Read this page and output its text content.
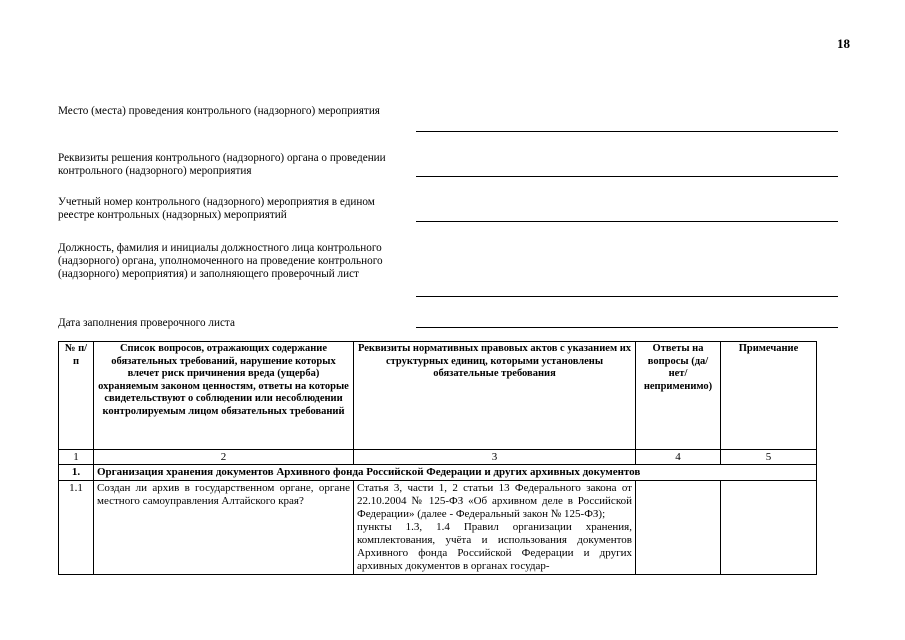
18
Место (места) проведения контрольного (надзорного) мероприятия
Реквизиты решения контрольного (надзорного) органа о проведении контрольного (надзорного) мероприятия
Учетный номер контрольного (надзорного) мероприятия в едином реестре контрольных (надзорных) мероприятий
Должность, фамилия и инициалы должностного лица контрольного (надзорного) органа, уполномоченного на проведение контрольного (надзорного) мероприятия) и заполняющего проверочный лист
Дата заполнения проверочного листа
№ п/п	Список вопросов, отражающих содержание обязательных требований, нарушение которых влечет риск причинения вреда (ущерба) охраняемым законом ценностям, ответы на которые свидетельствуют о соблюдении или несоблюдении контролируемым лицом обязательных требований	Реквизиты нормативных правовых актов с указанием их структурных единиц, которыми установлены обязательные требования	Ответы на вопросы (да/нет/ неприменимо)	Примечание
1	2	3	4	5
1.	Организация хранения документов Архивного фонда Российской Федерации и других архивных документов			
1.1	Создан ли архив в государственном органе, органе местного самоуправления Алтайского края?	Статья 3, части 1, 2 статьи 13 Федерального закона от 22.10.2004 № 125-ФЗ «Об архивном деле в Российской Федерации» (далее - Федеральный закон № 125-ФЗ);
пункты 1.3, 1.4 Правил организации хранения, комплектования, учёта и использования документов Архивного фонда Российской Федерации и других архивных документов в органах государ-		
